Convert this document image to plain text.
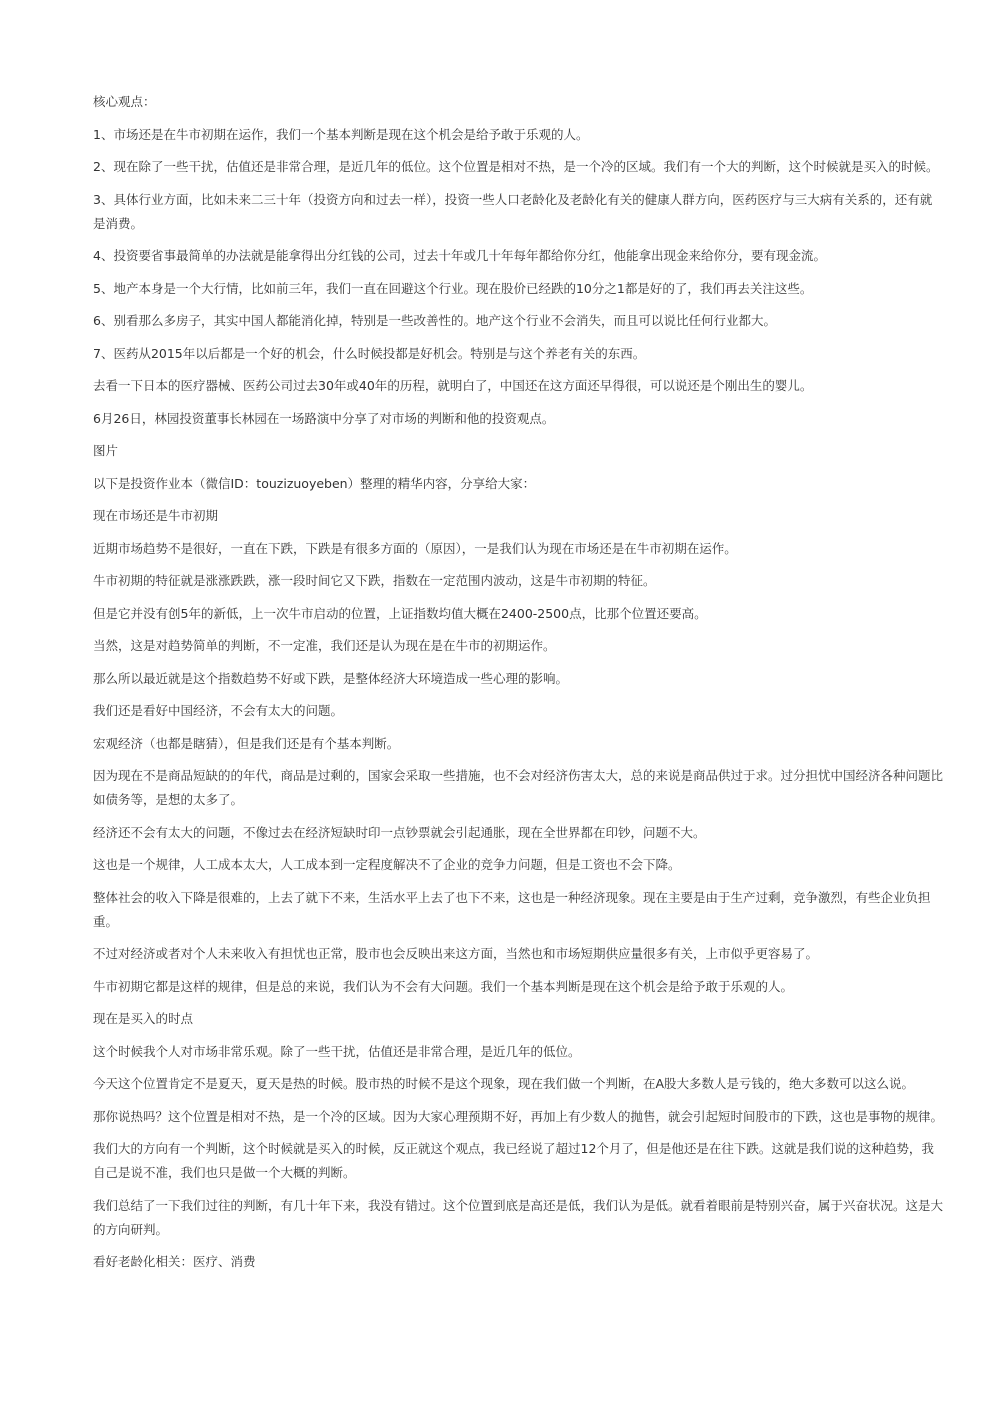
核心观点：

1、市场还是在牛市初期在运作，我们一个基本判断是现在这个机会是给予敢于乐观的人。

2、现在除了一些干扰，估值还是非常合理，是近几年的低位。这个位置是相对不热，是一个冷的区域。我们有一个大的判断，这个时候就是买入的时候。

3、具体行业方面，比如未来二三十年（投资方向和过去一样），投资一些人口老龄化及老龄化有关的健康人群方向，医药医疗与三大病有关系的，还有就是消费。

4、投资要省事最简单的办法就是能拿得出分红钱的公司，过去十年或几十年每年都给你分红，他能拿出现金来给你分，要有现金流。

5、地产本身是一个大行情，比如前三年，我们一直在回避这个行业。现在股价已经跌的10分之1都是好的了，我们再去关注这些。

6、别看那么多房子，其实中国人都能消化掉，特别是一些改善性的。地产这个行业不会消失，而且可以说比任何行业都大。

7、医药从2015年以后都是一个好的机会，什么时候投都是好机会。特别是与这个养老有关的东西。

去看一下日本的医疗器械、医药公司过去30年或40年的历程，就明白了，中国还在这方面还早得很，可以说还是个刚出生的婴儿。

6月26日，林园投资董事长林园在一场路演中分享了对市场的判断和他的投资观点。

图片

以下是投资作业本（微信ID：touzizuoyeben）整理的精华内容，分享给大家：

现在市场还是牛市初期

近期市场趋势不是很好，一直在下跌，下跌是有很多方面的（原因），一是我们认为现在市场还是在牛市初期在运作。

牛市初期的特征就是涨涨跌跌，涨一段时间它又下跌，指数在一定范围内波动，这是牛市初期的特征。

但是它并没有创5年的新低，上一次牛市启动的位置，上证指数均值大概在2400-2500点，比那个位置还要高。

当然，这是对趋势简单的判断，不一定准，我们还是认为现在是在牛市的初期运作。

那么所以最近就是这个指数趋势不好或下跌，是整体经济大环境造成一些心理的影响。

我们还是看好中国经济，不会有太大的问题。

宏观经济（也都是瞎猜），但是我们还是有个基本判断。

因为现在不是商品短缺的的年代，商品是过剩的，国家会采取一些措施，也不会对经济伤害太大，总的来说是商品供过于求。过分担忧中国经济各种问题比如债务等，是想的太多了。

经济还不会有太大的问题，不像过去在经济短缺时印一点钞票就会引起通胀，现在全世界都在印钞，问题不大。

这也是一个规律，人工成本太大，人工成本到一定程度解决不了企业的竞争力问题，但是工资也不会下降。

整体社会的收入下降是很难的，上去了就下不来，生活水平上去了也下不来，这也是一种经济现象。现在主要是由于生产过剩，竞争激烈，有些企业负担重。

不过对经济或者对个人未来收入有担忧也正常，股市也会反映出来这方面，当然也和市场短期供应量很多有关，上市似乎更容易了。

牛市初期它都是这样的规律，但是总的来说，我们认为不会有大问题。我们一个基本判断是现在这个机会是给予敢于乐观的人。

现在是买入的时点

这个时候我个人对市场非常乐观。除了一些干扰，估值还是非常合理，是近几年的低位。

今天这个位置肯定不是夏天，夏天是热的时候。股市热的时候不是这个现象，现在我们做一个判断，在A股大多数人是亏钱的，绝大多数可以这么说。

那你说热吗？这个位置是相对不热，是一个冷的区域。因为大家心理预期不好，再加上有少数人的抛售，就会引起短时间股市的下跌，这也是事物的规律。

我们大的方向有一个判断，这个时候就是买入的时候，反正就这个观点，我已经说了超过12个月了，但是他还是在往下跌。这就是我们说的这种趋势，我自己是说不准，我们也只是做一个大概的判断。

我们总结了一下我们过往的判断，有几十年下来，我没有错过。这个位置到底是高还是低，我们认为是低。就看着眼前是特别兴奋，属于兴奋状况。这是大的方向研判。

看好老龄化相关：医疗、消费
